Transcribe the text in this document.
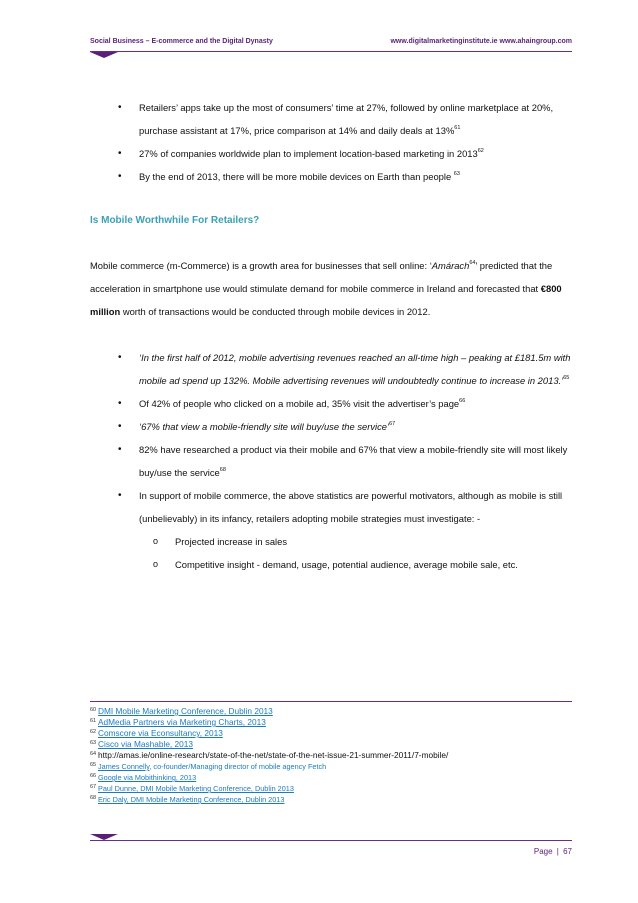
Social Business – E-commerce and the Digital Dynasty	www.digitalmarketinginstitute.ie www.ahaingroup.com
• Retailers’ apps take up the most of consumers’ time at 27%, followed by online marketplace at 20%, purchase assistant at 17%, price comparison at 14% and daily deals at 13%$^{61}$
• 27% of companies worldwide plan to implement location-based marketing in 2013$^{62}$
• By the end of 2013, there will be more mobile devices on Earth than people $^{63}$
Is Mobile Worthwhile For Retailers?

Mobile commerce (m-Commerce) is a growth area for businesses that sell online: ‘Amárach$^{64}$’ predicted that the acceleration in smartphone use would stimulate demand for mobile commerce in Ireland and forecasted that €800 million worth of transactions would be conducted through mobile devices in 2012.

• ‘In the first half of 2012, mobile advertising revenues reached an all-time high – peaking at £181.5m with mobile ad spend up 132%. Mobile advertising revenues will undoubtedly continue to increase in 2013.’$^{65}$
• Of 42% of people who clicked on a mobile ad, 35% visit the advertiser’s page$^{66}$
• ‘67% that view a mobile-friendly site will buy/use the service’$^{67}$
• 82% have researched a product via their mobile and 67% that view a mobile-friendly site will most likely buy/use the service$^{68}$
• In support of mobile commerce, the above statistics are powerful motivators, although as mobile is still (unbelievably) in its infancy, retailers adopting mobile strategies must investigate: -
o Projected increase in sales
o Competitive insight - demand, usage, potential audience, average mobile sale, etc.
60 DMI Mobile Marketing Conference, Dublin 2013
61 AdMedia Partners via Marketing Charts, 2013
62 Comscore via Econsultancy, 2013
63 Cisco via Mashable, 2013
64 http://amas.ie/online-research/state-of-the-net/state-of-the-net-issue-21-summer-2011/7-mobile/
65 James Connelly, co-founder/Managing director of mobile agency Fetch
66 Google via Mobithinking, 2013
67 Paul Dunne, DMI Mobile Marketing Conference, Dublin 2013
68 Eric Daly, DMI Mobile Marketing Conference, Dublin 2013
Page | 67
